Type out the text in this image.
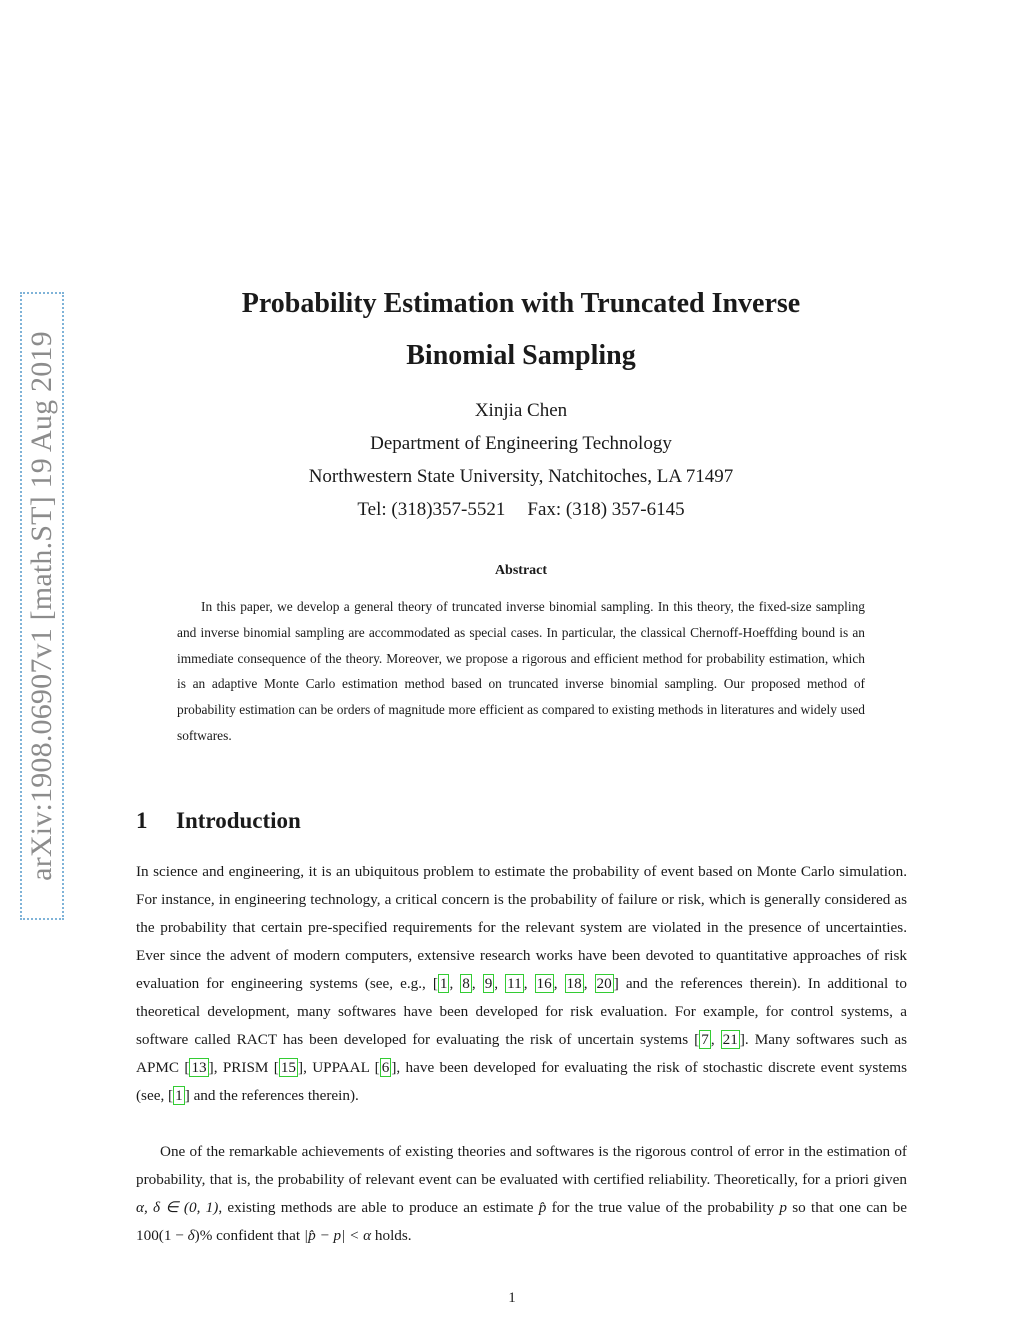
arXiv:1908.06907v1 [math.ST] 19 Aug 2019
Probability Estimation with Truncated Inverse
Binomial Sampling
Xinjia Chen
Department of Engineering Technology
Northwestern State University, Natchitoches, LA 71497
Tel: (318)357-5521 Fax: (318) 357-6145
Abstract
In this paper, we develop a general theory of truncated inverse binomial sampling. In this theory, the fixed-size sampling and inverse binomial sampling are accommodated as special cases. In particular, the classical Chernoff-Hoeffding bound is an immediate consequence of the theory. Moreover, we propose a rigorous and efficient method for probability estimation, which is an adaptive Monte Carlo estimation method based on truncated inverse binomial sampling. Our proposed method of probability estimation can be orders of magnitude more efficient as compared to existing methods in literatures and widely used softwares.
1 Introduction
In science and engineering, it is an ubiquitous problem to estimate the probability of event based on Monte Carlo simulation. For instance, in engineering technology, a critical concern is the probability of failure or risk, which is generally considered as the probability that certain pre-specified requirements for the relevant system are violated in the presence of uncertainties. Ever since the advent of modern computers, extensive research works have been devoted to quantitative approaches of risk evaluation for engineering systems (see, e.g., [ 1 , 8 , 9 , 11 , 16 , 18 , 20 ] and the references therein). In additional to theoretical development, many softwares have been developed for risk evaluation. For example, for control systems, a software called RACT has been developed for evaluating the risk of uncertain systems [ 7 , 21 ]. Many softwares such as APMC [ 13 ], PRISM [ 15 ], UPPAAL [ 6 ], have been developed for evaluating the risk of stochastic discrete event systems (see, [ 1 ] and the references therein).
One of the remarkable achievements of existing theories and softwares is the rigorous control of error in the estimation of probability, that is, the probability of relevant event can be evaluated with certified reliability. Theoretically, for a priori given α, δ ∈ (0, 1), existing methods are able to produce an estimate p̂ for the true value of the probability p so that one can be 100(1 − δ)% confident that |p̂ − p| < α holds.
1
